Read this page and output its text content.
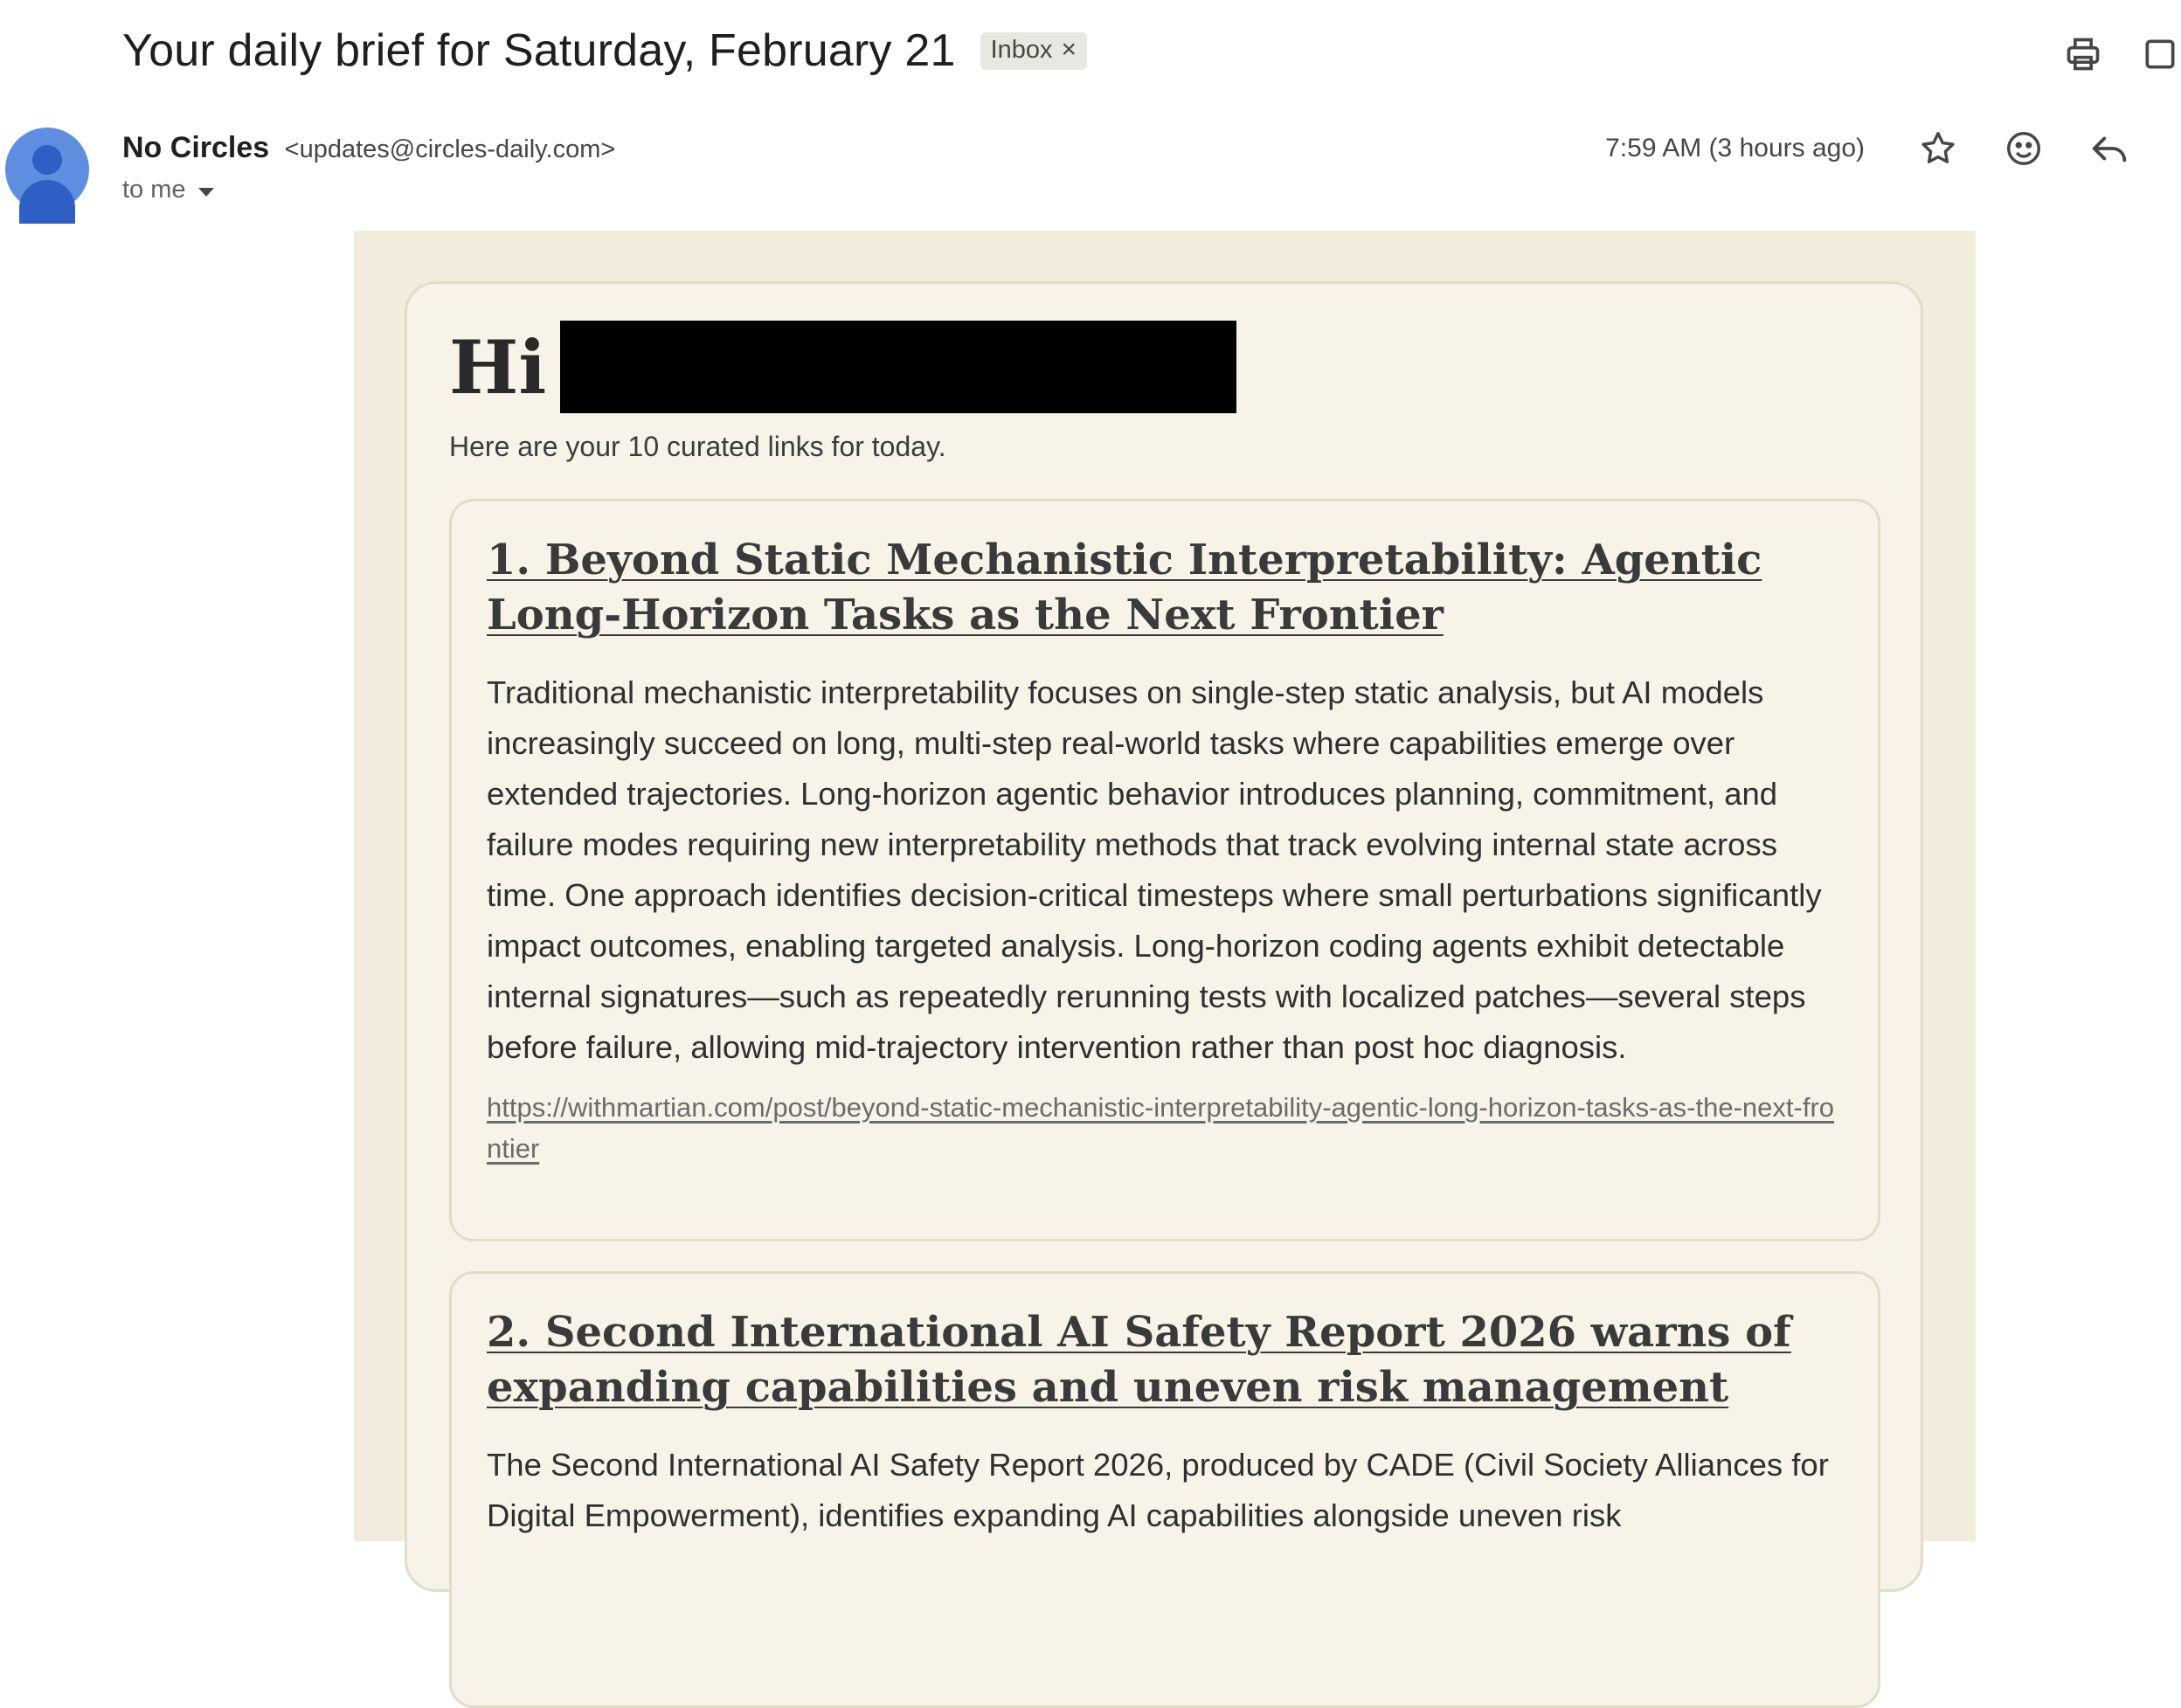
Your daily brief for Saturday, February 21 Inbox ×
No Circles <updates@circles-daily.com>
to me
7:59 AM (3 hours ago)
Hi
Here are your 10 curated links for today.
1. Beyond Static Mechanistic Interpretability: Agentic Long-Horizon Tasks as the Next Frontier
Traditional mechanistic interpretability focuses on single-step static analysis, but AI models increasingly succeed on long, multi-step real-world tasks where capabilities emerge over extended trajectories. Long-horizon agentic behavior introduces planning, commitment, and failure modes requiring new interpretability methods that track evolving internal state across time. One approach identifies decision-critical timesteps where small perturbations significantly impact outcomes, enabling targeted analysis. Long-horizon coding agents exhibit detectable internal signatures—such as repeatedly rerunning tests with localized patches—several steps before failure, allowing mid-trajectory intervention rather than post hoc diagnosis.
https://withmartian.com/post/beyond-static-mechanistic-interpretability-agentic-long-horizon-tasks-as-the-next-frontier
2. Second International AI Safety Report 2026 warns of expanding capabilities and uneven risk management
The Second International AI Safety Report 2026, produced by CADE (Civil Society Alliances for Digital Empowerment), identifies expanding AI capabilities alongside uneven risk
